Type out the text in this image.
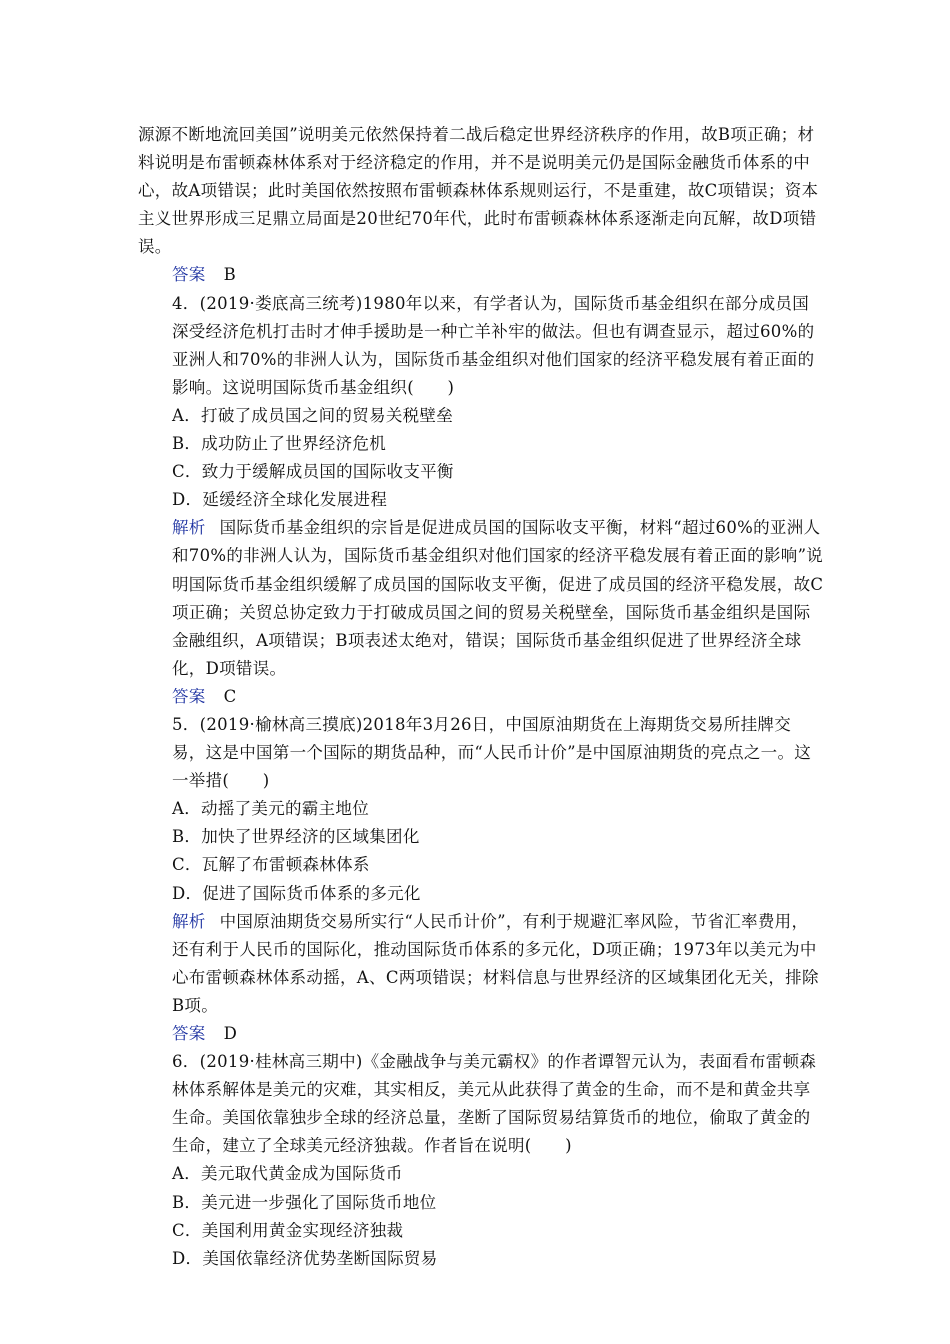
源源不断地流回美国”说明美元依然保持着二战后稳定世界经济秩序的作用，故B项正确；材料说明是布雷顿森林体系对于经济稳定的作用，并不是说明美元仍是国际金融货币体系的中心，故A项错误；此时美国依然按照布雷顿森林体系规则运行，不是重建，故C项错误；资本主义世界形成三足鼎立局面是20世纪70年代，此时布雷顿森林体系逐渐走向瓦解，故D项错误。

答案 B

4．(2019·娄底高三统考)1980年以来，有学者认为，国际货币基金组织在部分成员国深受经济危机打击时才伸手援助是一种亡羊补牢的做法。但也有调查显示，超过60%的亚洲人和70%的非洲人认为，国际货币基金组织对他们国家的经济平稳发展有着正面的影响。这说明国际货币基金组织(　　)

A．打破了成员国之间的贸易关税壁垒

B．成功防止了世界经济危机

C．致力于缓解成员国的国际收支平衡

D．延缓经济全球化发展进程

解析 国际货币基金组织的宗旨是促进成员国的国际收支平衡，材料“超过60%的亚洲人和70%的非洲人认为，国际货币基金组织对他们国家的经济平稳发展有着正面的影响”说明国际货币基金组织缓解了成员国的国际收支平衡，促进了成员国的经济平稳发展，故C项正确；关贸总协定致力于打破成员国之间的贸易关税壁垒，国际货币基金组织是国际金融组织，A项错误；B项表述太绝对，错误；国际货币基金组织促进了世界经济全球化，D项错误。

答案 C

5．(2019·榆林高三摸底)2018年3月26日，中国原油期货在上海期货交易所挂牌交易，这是中国第一个国际的期货品种，而“人民币计价”是中国原油期货的亮点之一。这一举措(　　)

A．动摇了美元的霸主地位

B．加快了世界经济的区域集团化

C．瓦解了布雷顿森林体系

D．促进了国际货币体系的多元化

解析 中国原油期货交易所实行“人民币计价”，有利于规避汇率风险，节省汇率费用，还有利于人民币的国际化，推动国际货币体系的多元化，D项正确；1973年以美元为中心布雷顿森林体系动摇，A、C两项错误；材料信息与世界经济的区域集团化无关，排除B项。

答案 D

6．(2019·桂林高三期中)《金融战争与美元霸权》的作者谭智元认为，表面看布雷顿森林体系解体是美元的灾难，其实相反，美元从此获得了黄金的生命，而不是和黄金共享生命。美国依靠独步全球的经济总量，垄断了国际贸易结算货币的地位，偷取了黄金的生命，建立了全球美元经济独裁。作者旨在说明(　　)

A．美元取代黄金成为国际货币

B．美元进一步强化了国际货币地位

C．美国利用黄金实现经济独裁

D．美国依靠经济优势垄断国际贸易
